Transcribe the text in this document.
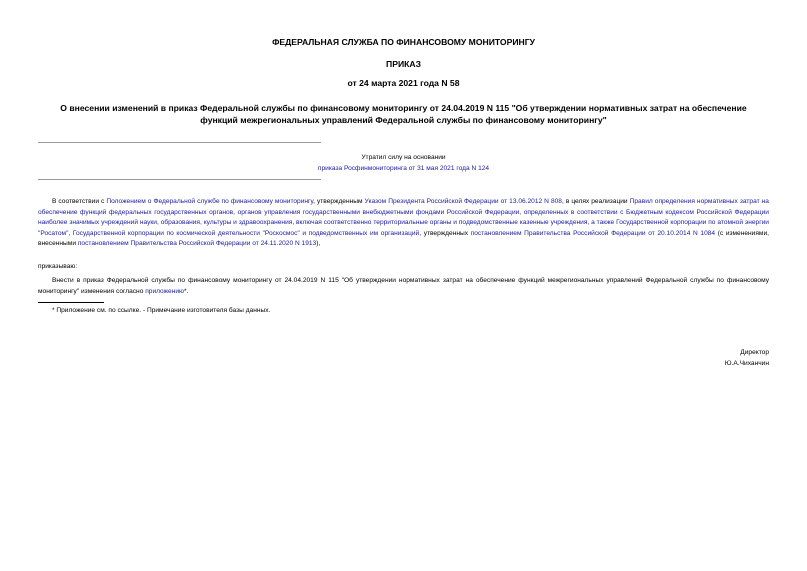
ФЕДЕРАЛЬНАЯ СЛУЖБА ПО ФИНАНСОВОМУ МОНИТОРИНГУ
ПРИКАЗ
от 24 марта 2021 года N 58
О внесении изменений в приказ Федеральной службы по финансовому мониторингу от 24.04.2019 N 115 "Об утверждении нормативных затрат на обеспечение
функций межрегиональных управлений Федеральной службы по финансовому мониторингу"
Утратил силу на основании
приказа Росфинмониторинга от 31 мая 2021 года N 124
В соответствии с Положением о Федеральной службе по финансовому мониторингу, утвержденным Указом Президента Российской Федерации от 13.06.2012 N 808, в целях реализации Правил определения нормативных затрат на обеспечение функций федеральных государственных органов, органов управления государственными внебюджетными фондами Российской Федерации, определенных в соответствии с Бюджетным кодексом Российской Федерации наиболее значимых учреждений науки, образования, культуры и здравоохранения, включая соответственно территориальные органы и подведомственные казенные учреждения, а также Государственной корпорации по атомной энергии "Росатом", Государственной корпорации по космической деятельности "Роскосмос" и подведомственных им организаций, утвержденных постановлением Правительства Российской Федерации от 20.10.2014 N 1084 (с изменениями, внесенными постановлением Правительства Российской Федерации от 24.11.2020 N 1913),
приказываю:
Внести в приказ Федеральной службы по финансовому мониторингу от 24.04.2019 N 115 "Об утверждении нормативных затрат на обеспечение функций межрегиональных управлений Федеральной службы по финансовому мониторингу" изменения согласно приложению*.
* Приложение см. по ссылке. - Примечание изготовителя базы данных.
Директор
Ю.А.Чиханчин
